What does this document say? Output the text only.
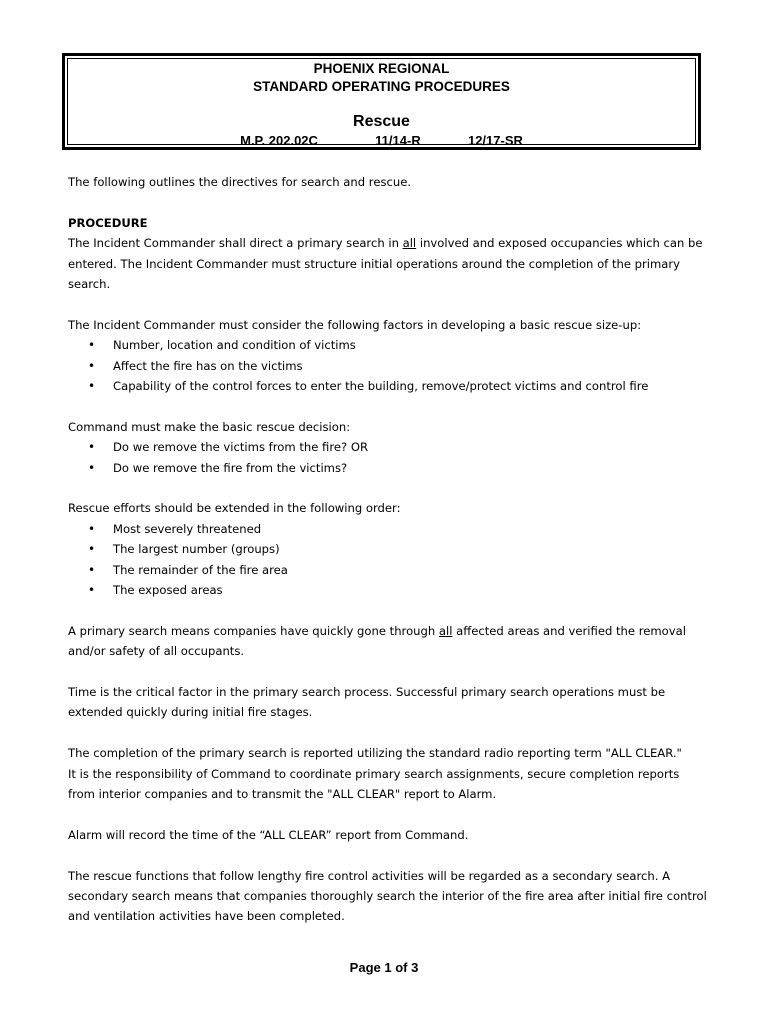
PHOENIX REGIONAL
STANDARD OPERATING PROCEDURES
Rescue
M.P. 202.02C	11/14-R	12/17-SR

The following outlines the directives for search and rescue.

PROCEDURE

The Incident Commander shall direct a primary search in all involved and exposed occupancies which can be entered. The Incident Commander must structure initial operations around the completion of the primary search.

The Incident Commander must consider the following factors in developing a basic rescue size-up:
• Number, location and condition of victims
• Affect the fire has on the victims
• Capability of the control forces to enter the building, remove/protect victims and control fire
Command must make the basic rescue decision:
• Do we remove the victims from the fire? OR
• Do we remove the fire from the victims?
Rescue efforts should be extended in the following order:
• Most severely threatened
• The largest number (groups)
• The remainder of the fire area
• The exposed areas

A primary search means companies have quickly gone through all affected areas and verified the removal and/or safety of all occupants.

Time is the critical factor in the primary search process. Successful primary search operations must be extended quickly during initial fire stages.

The completion of the primary search is reported utilizing the standard radio reporting term "ALL CLEAR."

It is the responsibility of Command to coordinate primary search assignments, secure completion reports from interior companies and to transmit the "ALL CLEAR" report to Alarm.

Alarm will record the time of the “ALL CLEAR” report from Command.

The rescue functions that follow lengthy fire control activities will be regarded as a secondary search. A secondary search means that companies thoroughly search the interior of the fire area after initial fire control and ventilation activities have been completed.

Page 1 of 3
